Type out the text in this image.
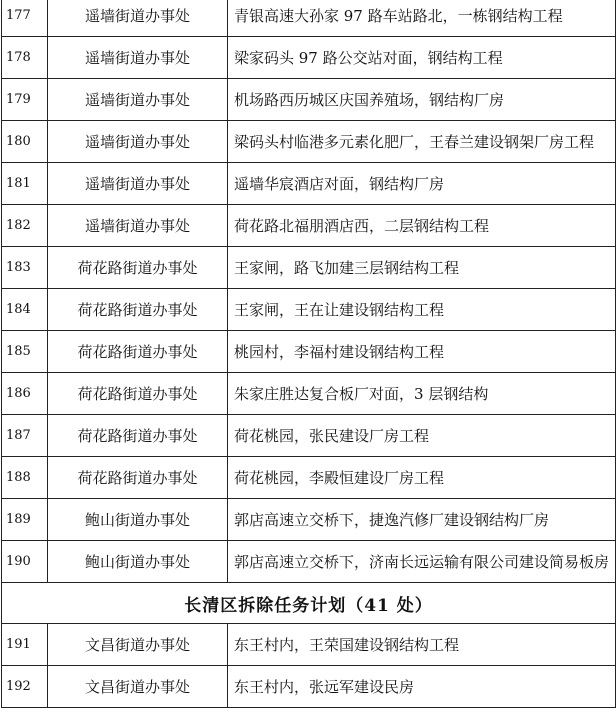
177	遥墙街道办事处	青银高速大孙家 97 路车站路北，一栋钢结构工程
178	遥墙街道办事处	梁家码头 97 路公交站对面，钢结构工程
179	遥墙街道办事处	机场路西历城区庆国养殖场，钢结构厂房
180	遥墙街道办事处	梁码头村临港多元素化肥厂，王春兰建设钢架厂房工程
181	遥墙街道办事处	遥墙华宸酒店对面，钢结构厂房
182	遥墙街道办事处	荷花路北福朋酒店西，二层钢结构工程
183	荷花路街道办事处	王家闸，路飞加建三层钢结构工程
184	荷花路街道办事处	王家闸，王在让建设钢结构工程
185	荷花路街道办事处	桃园村，李福村建设钢结构工程
186	荷花路街道办事处	朱家庄胜达复合板厂对面，3 层钢结构
187	荷花路街道办事处	荷花桃园，张民建设厂房工程
188	荷花路街道办事处	荷花桃园，李殿恒建设厂房工程
189	鲍山街道办事处	郭店高速立交桥下，捷逸汽修厂建设钢结构厂房
190	鲍山街道办事处	郭店高速立交桥下，济南长远运输有限公司建设简易板房
长清区拆除任务计划（41 处）		
191	文昌街道办事处	东王村内，王荣国建设钢结构工程
192	文昌街道办事处	东王村内，张远军建设民房
